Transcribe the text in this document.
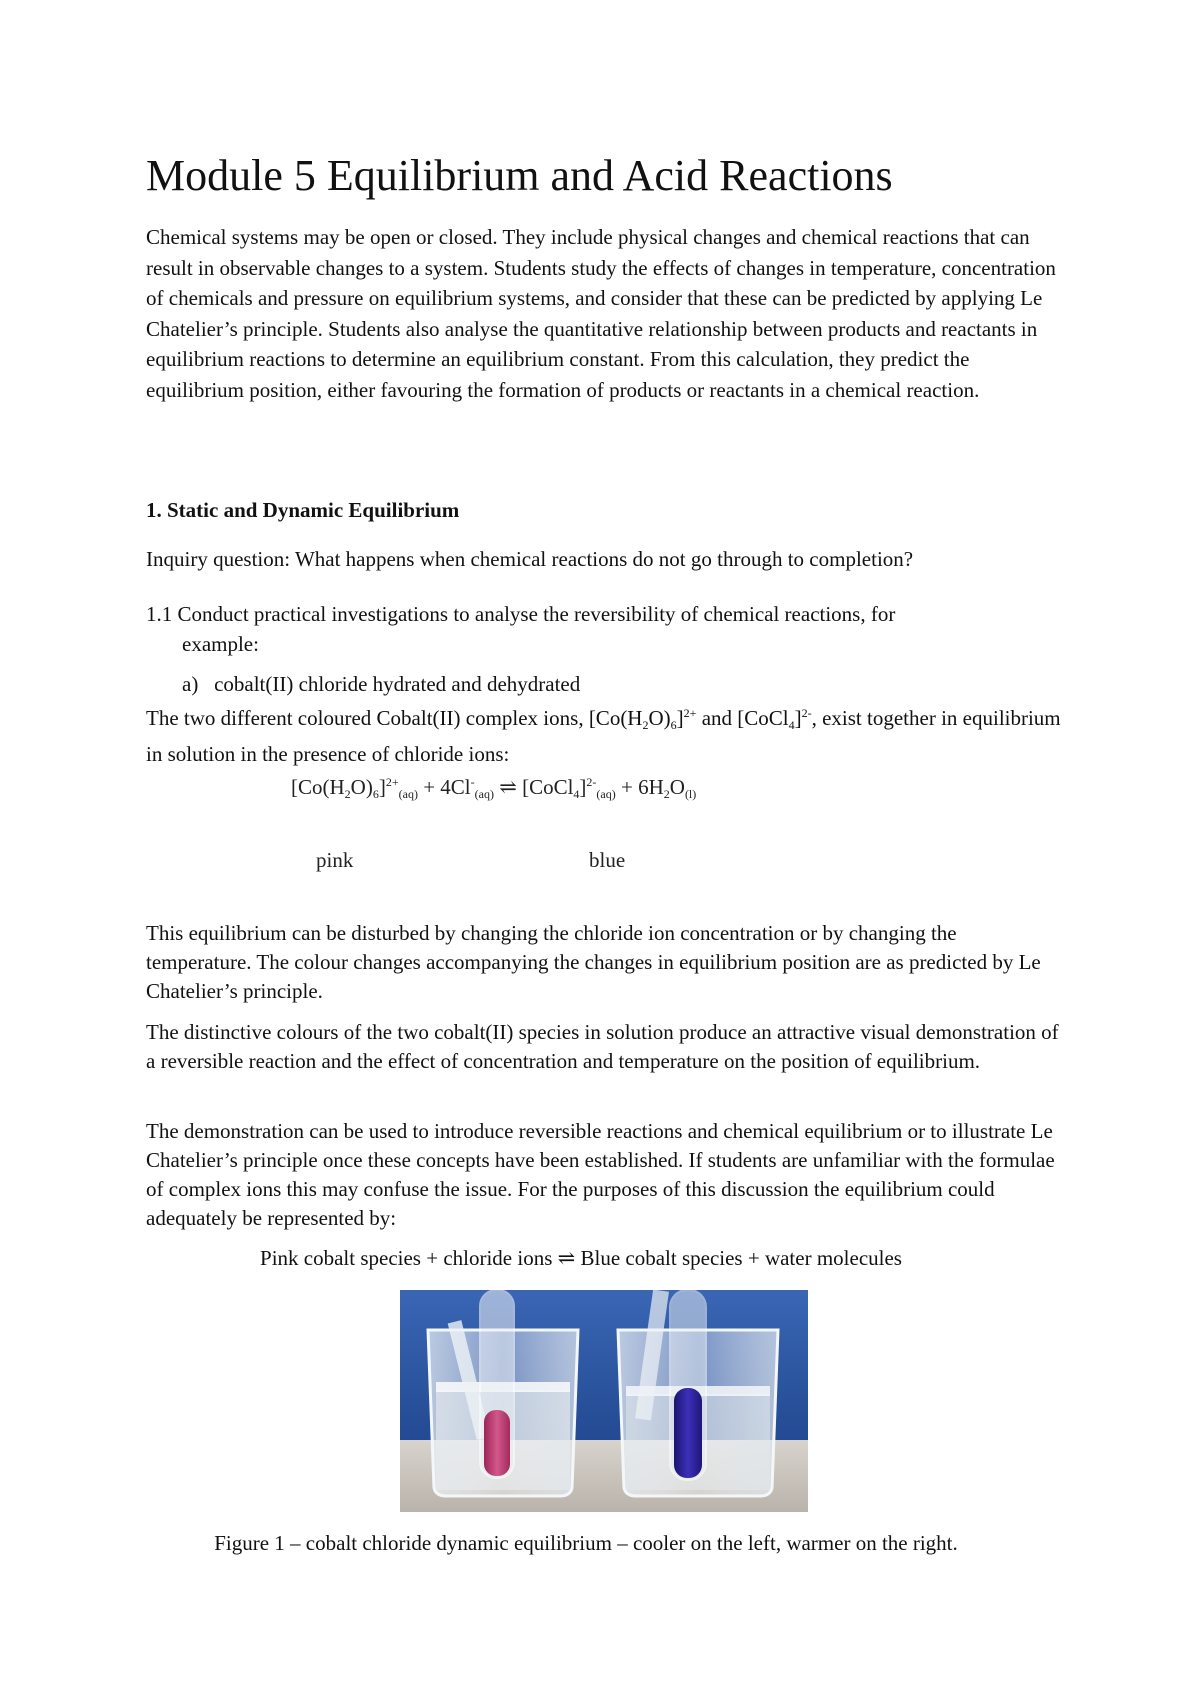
Module 5 Equilibrium and Acid Reactions

Chemical systems may be open or closed. They include physical changes and chemical reactions that can result in observable changes to a system. Students study the effects of changes in temperature, concentration of chemicals and pressure on equilibrium systems, and consider that these can be predicted by applying Le Chatelier’s principle. Students also analyse the quantitative relationship between products and reactants in equilibrium reactions to determine an equilibrium constant. From this calculation, they predict the equilibrium position, either favouring the formation of products or reactants in a chemical reaction.

1. Static and Dynamic Equilibrium

Inquiry question: What happens when chemical reactions do not go through to completion?

1.1 Conduct practical investigations to analyse the reversibility of chemical reactions, for

example:

a) cobalt(II) chloride hydrated and dehydrated

The two different coloured Cobalt(II) complex ions, $[Co(H_2O)_6]^{2+}$ and [CoCl$_4$]$^{2-}$, exist together in equilibrium in solution in the presence of chloride ions:

$[Co(H_2O)_6]^{2+}_{(aq)} + 4Cl^-_{(aq)}$ ⇌ [CoCl$_4$]$^{2-}_{(aq)}$ + $6H_2O_{(l)}$
pink	blue

This equilibrium can be disturbed by changing the chloride ion concentration or by changing the temperature. The colour changes accompanying the changes in equilibrium position are as predicted by Le Chatelier’s principle.

The distinctive colours of the two cobalt(II) species in solution produce an attractive visual demonstration of a reversible reaction and the effect of concentration and temperature on the position of equilibrium.

The demonstration can be used to introduce reversible reactions and chemical equilibrium or to illustrate Le Chatelier’s principle once these concepts have been established. If students are unfamiliar with the formulae of complex ions this may confuse the issue. For the purposes of this discussion the equilibrium could adequately be represented by:

Pink cobalt species + chloride ions ⇌ Blue cobalt species + water molecules

Figure 1 – cobalt chloride dynamic equilibrium – cooler on the left, warmer on the right.
